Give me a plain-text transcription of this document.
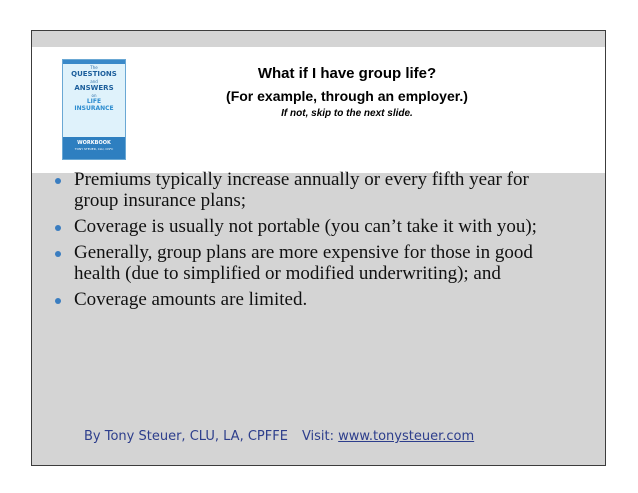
The
QUESTIONS
and
ANSWERS
on
LIFE
INSURANCE
WORKBOOK
TONY STEUER, CLU, ChFC
What if I have group life?
(For example, through an employer.)
If not, skip to the next slide.
Premiums typically increase annually or every fifth year for group insurance plans;
Coverage is usually not portable (you can’t take it with you);
Generally, group plans are more expensive for those in good health (due to simplified or modified underwriting); and
Coverage amounts are limited.
By Tony Steuer, CLU, LA, CPFFE Visit: www.tonysteuer.com
